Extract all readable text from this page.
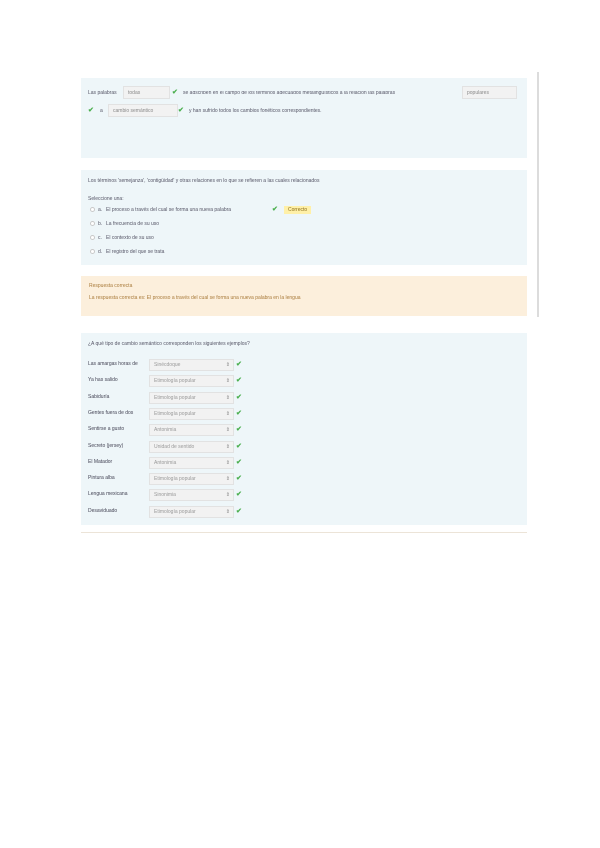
Las palabras	todas	✔ se adscriben en el campo de los términos adecuados metalingüísticos a la relación las palabras	populares
✔ a	cambio semántico	✔ y han sufrido todos los cambios fonéticos correspondientes.
Los términos 'semejanza', 'contigüidad' y otras relaciones en lo que se refieren a las cuales relacionados
Seleccione una:
a. El proceso a través del cual se forma una nueva palabra	✔	Correcto
b. La frecuencia de su uso
c. El contexto de su uso
d. El registro del que se trata
Respuesta correcta
La respuesta correcta es: El proceso a través del cual se forma una nueva palabra en la lengua
¿A qué tipo de cambio semántico corresponden los siguientes ejemplos?
Las amargas horas de	Sinécdoque	⇕ ✔
Ya has salido	Etimología popular	⇕ ✔
Sabiduría	Etimología popular	⇕ ✔
Gentes fuera de dos	Etimología popular	⇕ ✔
Sentirse a gusto	Antonimia	⇕ ✔
Secreto (jersey)	Unidad de sentido	⇕ ✔
El Matador	Antonimia	⇕ ✔
Pintura alba	Etimología popular	⇕ ✔
Lengua mexicana	Sinonimia	⇕ ✔
Desaviduado	Etimología popular	⇕ ✔
